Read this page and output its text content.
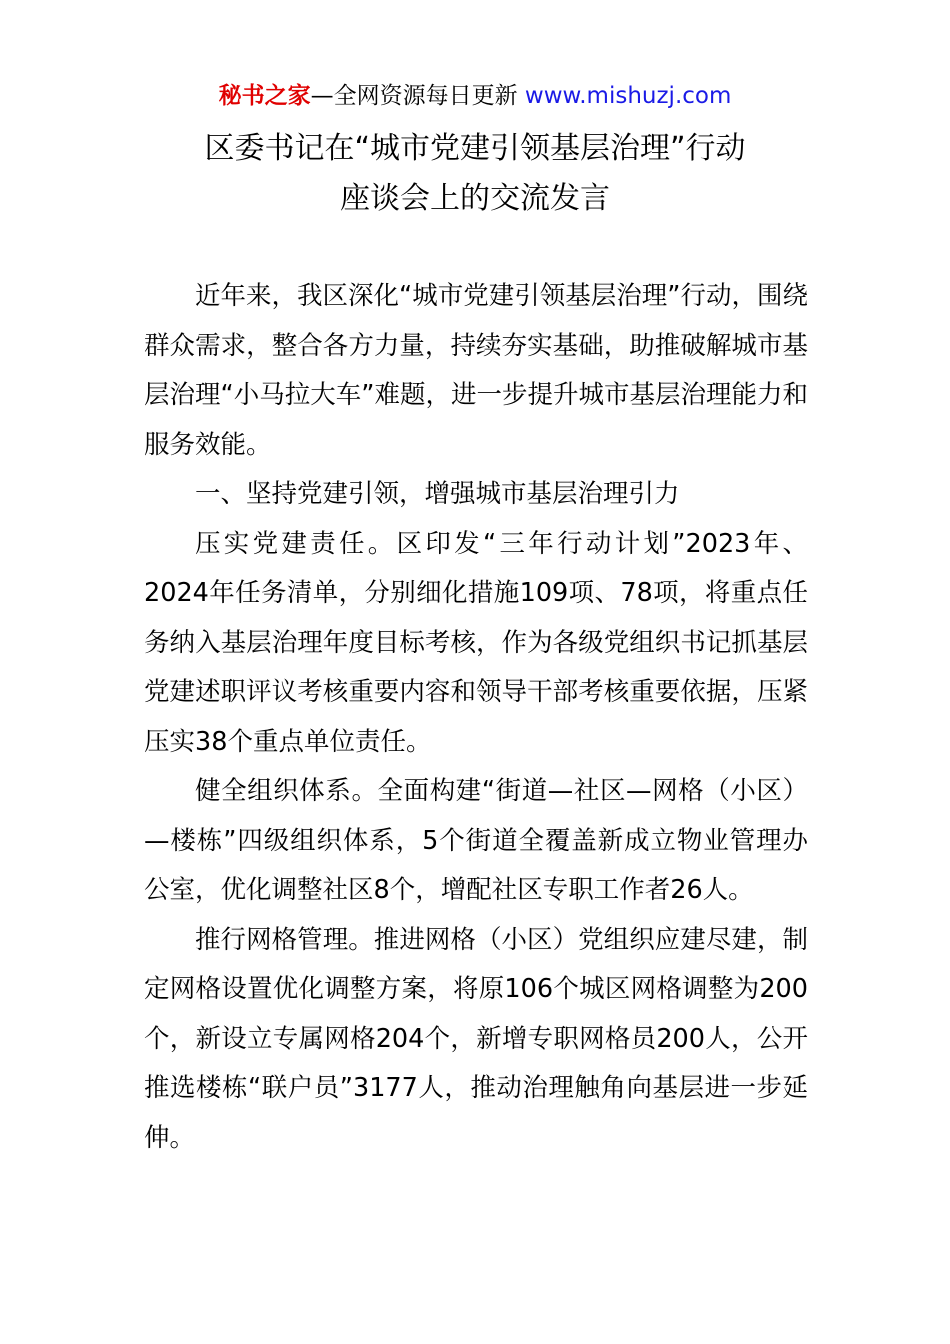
秘书之家—全网资源每日更新 www.mishuzj.com
区委书记在“城市党建引领基层治理”行动
座谈会上的交流发言

近年来，我区深化“城市党建引领基层治理”行动，围绕群众需求，整合各方力量，持续夯实基础，助推破解城市基层治理“小马拉大车”难题，进一步提升城市基层治理能力和服务效能。

一、坚持党建引领，增强城市基层治理引力

压实党建责任。区印发“三年行动计划”2023年、2024年任务清单，分别细化措施109项、78项，将重点任务纳入基层治理年度目标考核，作为各级党组织书记抓基层党建述职评议考核重要内容和领导干部考核重要依据，压紧压实38个重点单位责任。

健全组织体系。全面构建“街道—社区—网格（小区）—楼栋”四级组织体系，5个街道全覆盖新成立物业管理办公室，优化调整社区8个，增配社区专职工作者26人。

推行网格管理。推进网格（小区）党组织应建尽建，制定网格设置优化调整方案，将原106个城区网格调整为200个，新设立专属网格204个，新增专职网格员200人，公开推选楼栋“联户员”3177人，推动治理触角向基层进一步延伸。
